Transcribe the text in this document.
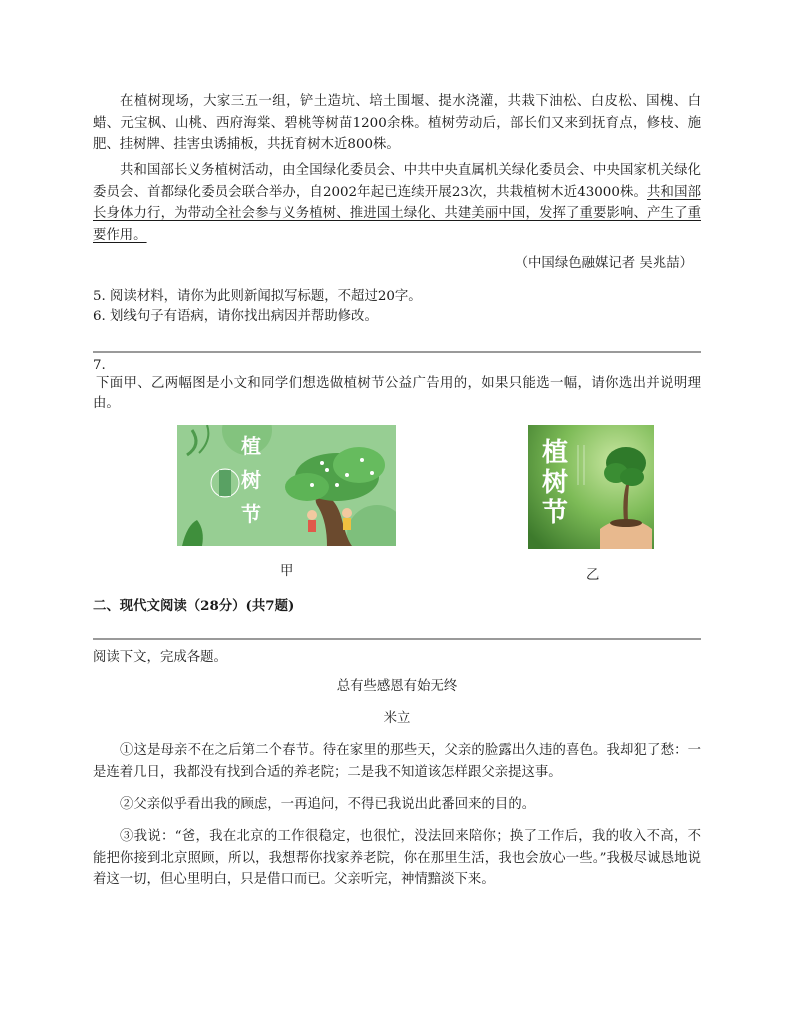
在植树现场，大家三五一组，铲土造坑、培土围堰、提水浇灌，共栽下油松、白皮松、国槐、白蜡、元宝枫、山桃、西府海棠、碧桃等树苗1200余株。植树劳动后，部长们又来到抚育点，修枝、施肥、挂树牌、挂害虫诱捕板，共抚育树木近800株。

共和国部长义务植树活动，由全国绿化委员会、中共中央直属机关绿化委员会、中央国家机关绿化委员会、首都绿化委员会联合举办，自2002年起已连续开展23次，共栽植树木近43000株。共和国部长身体力行，为带动全社会参与义务植树、推进国土绿化、共建美丽中国，发挥了重要影响、产生了重要作用。

（中国绿色融媒记者 吴兆喆）

5. 阅读材料，请你为此则新闻拟写标题，不超过20字。

6. 划线句子有语病，请你找出病因并帮助修改。

7.

下面甲、乙两幅图是小文和同学们想选做植树节公益广告用的，如果只能选一幅，请你选出并说明理由。

植
树
节
甲
植
树
节
乙

二、现代文阅读（28分）(共7题)

阅读下文，完成各题。

总有些感恩有始无终

米立

①这是母亲不在之后第二个春节。待在家里的那些天，父亲的脸露出久违的喜色。我却犯了愁：一是连着几日，我都没有找到合适的养老院；二是我不知道该怎样跟父亲提这事。

②父亲似乎看出我的顾虑，一再追问，不得已我说出此番回来的目的。

③我说：“爸，我在北京的工作很稳定，也很忙，没法回来陪你；换了工作后，我的收入不高，不能把你接到北京照顾，所以，我想帮你找家养老院，你在那里生活，我也会放心一些。”我极尽诚恳地说着这一切，但心里明白，只是借口而已。父亲听完，神情黯淡下来。
